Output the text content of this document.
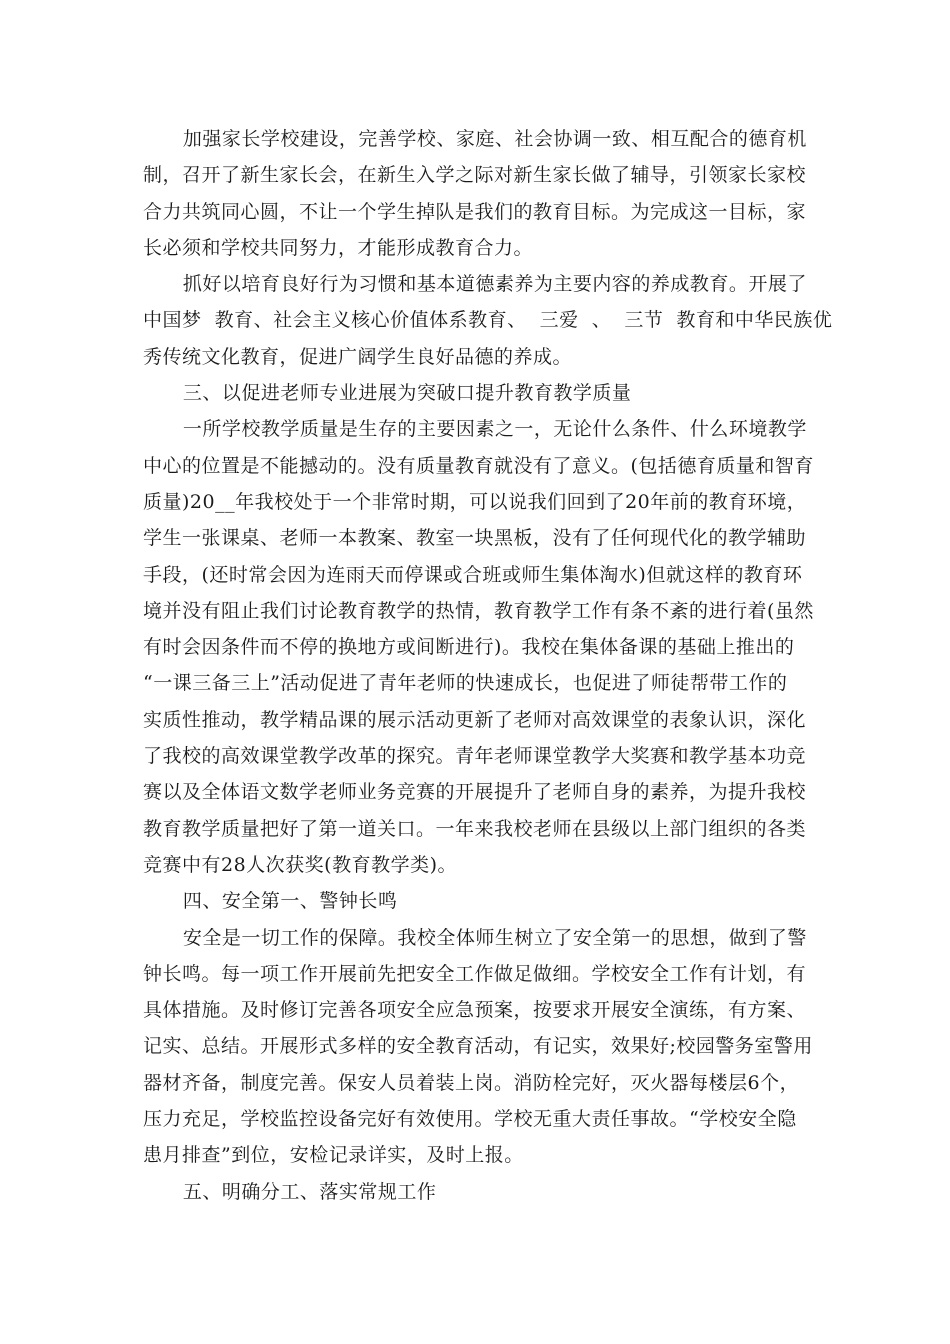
加强家长学校建设，完善学校、家庭、社会协调一致、相互配合的德育机
制，召开了新生家长会，在新生入学之际对新生家长做了辅导，引领家长家校
合力共筑同心圆，不让一个学生掉队是我们的教育目标。为完成这一目标，家
长必须和学校共同努力，才能形成教育合力。

抓好以培育良好行为习惯和基本道德素养为主要内容的养成教育。开展了
中国梦  教育、社会主义核心价值体系教育、  三爱  、  三节  教育和中华民族优
秀传统文化教育，促进广阔学生良好品德的养成。

三、以促进老师专业进展为突破口提升教育教学质量

一所学校教学质量是生存的主要因素之一，无论什么条件、什么环境教学
中心的位置是不能撼动的。没有质量教育就没有了意义。(包括德育质量和智育
质量)20__年我校处于一个非常时期，可以说我们回到了20年前的教育环境，
学生一张课桌、老师一本教案、教室一块黑板，没有了任何现代化的教学辅助
手段，(还时常会因为连雨天而停课或合班或师生集体淘水)但就这样的教育环
境并没有阻止我们讨论教育教学的热情，教育教学工作有条不紊的进行着(虽然
有时会因条件而不停的换地方或间断进行)。我校在集体备课的基础上推出的
“一课三备三上”活动促进了青年老师的快速成长，也促进了师徒帮带工作的
实质性推动，教学精品课的展示活动更新了老师对高效课堂的表象认识，深化
了我校的高效课堂教学改革的探究。青年老师课堂教学大奖赛和教学基本功竞
赛以及全体语文数学老师业务竞赛的开展提升了老师自身的素养，为提升我校
教育教学质量把好了第一道关口。一年来我校老师在县级以上部门组织的各类
竞赛中有28人次获奖(教育教学类)。

四、安全第一、警钟长鸣

安全是一切工作的保障。我校全体师生树立了安全第一的思想，做到了警
钟长鸣。每一项工作开展前先把安全工作做足做细。学校安全工作有计划，有
具体措施。及时修订完善各项安全应急预案，按要求开展安全演练，有方案、
记实、总结。开展形式多样的安全教育活动，有记实，效果好;校园警务室警用
器材齐备，制度完善。保安人员着装上岗。消防栓完好，灭火器每楼层6个，
压力充足，学校监控设备完好有效使用。学校无重大责任事故。“学校安全隐
患月排查”到位，安检记录详实，及时上报。

五、明确分工、落实常规工作
